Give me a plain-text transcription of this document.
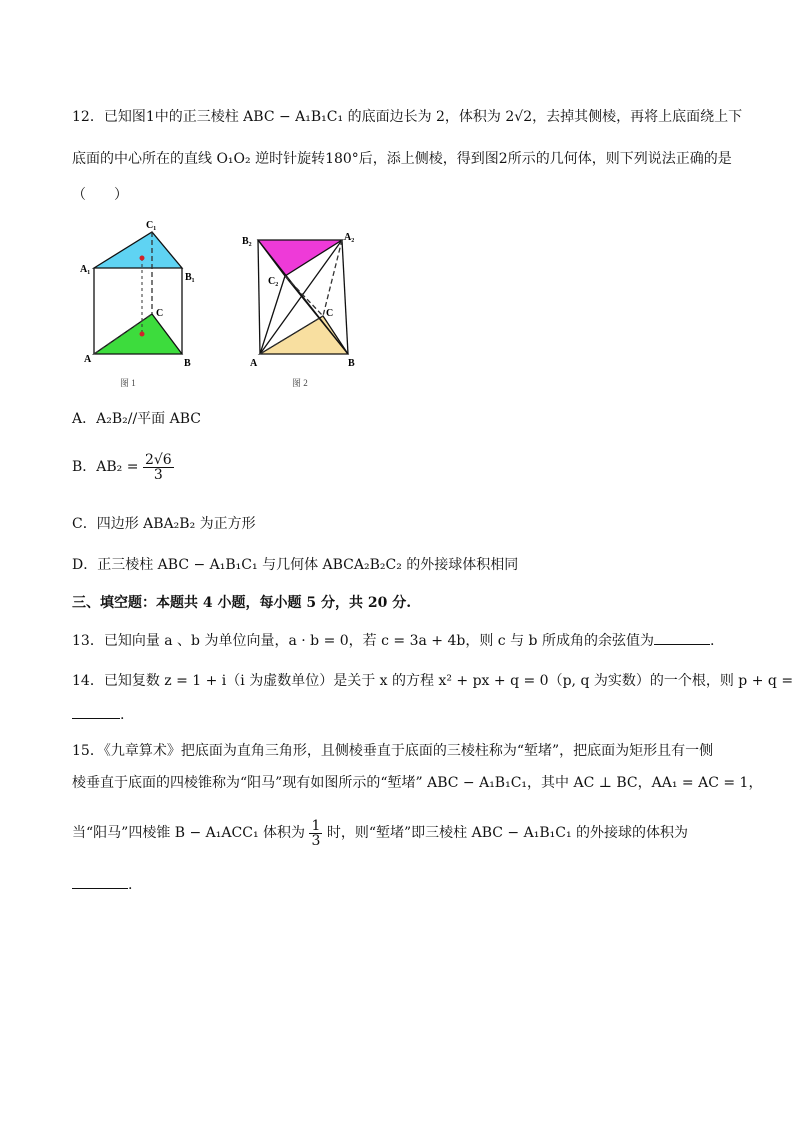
12．已知图1中的正三棱柱 ABC − A₁B₁C₁ 的底面边长为 2，体积为 2√2，去掉其侧棱，再将上底面绕上下
底面的中心所在的直线 O₁O₂ 逆时针旋转180°后，添上侧棱，得到图2所示的几何体，则下列说法正确的是
（　　）
C₁
A₁
B₁
C
A	B
图 1
B₂	A₂
C₂
C
A	B
图 2
A．A₂B₂//平面 ABC
B．$AB_2 = \frac{2√6}{3}$
C．四边形 ABA₂B₂ 为正方形
D．正三棱柱 ABC − A₁B₁C₁ 与几何体 ABCA₂B₂C₂ 的外接球体积相同
三、填空题：本题共 4 小题，每小题 5 分，共 20 分.
13．已知向量 a 、b 为单位向量，a · b = 0，若 c = 3a + 4b，则 c 与 b 所成角的余弦值为	.
14．已知复数 z = 1 + i（i 为虚数单位）是关于 x 的方程 x² + px + q = 0（p, q 为实数）的一个根，则 p + q =
.
15．《九章算术》把底面为直角三角形，且侧棱垂直于底面的三棱柱称为“堑堵”，把底面为矩形且有一侧
棱垂直于底面的四棱锥称为“阳马”现有如图所示的“堑堵” ABC − A₁B₁C₁，其中 AC ⊥ BC，AA₁ = AC = 1，
当“阳马”四棱锥 B − A₁ACC₁ 体积为 $\frac{1}{3}$ 时，则“堑堵”即三棱柱 ABC − A₁B₁C₁ 的外接球的体积为
.
